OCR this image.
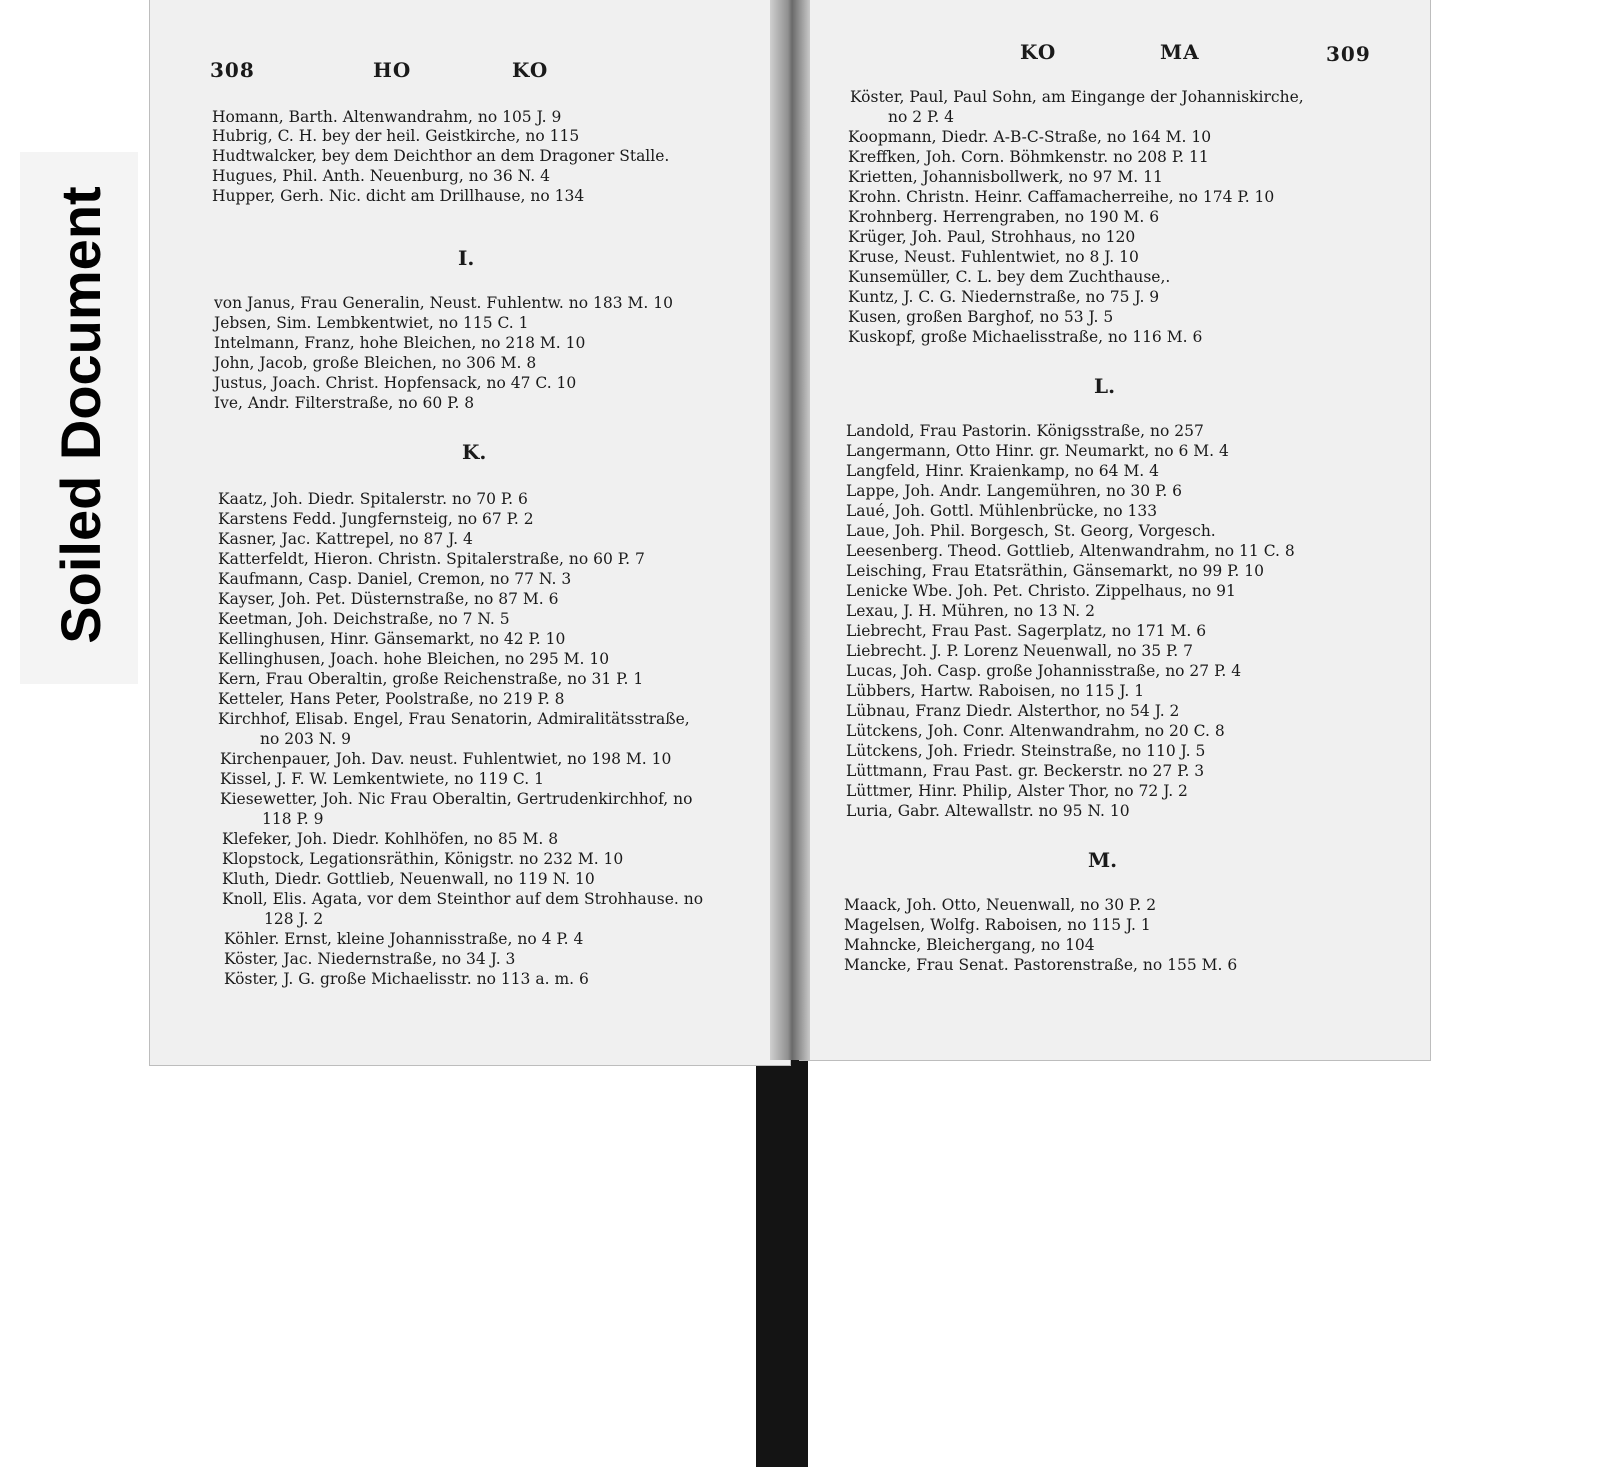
Soiled Document
308	HO	KO
KO	MA	309
Homann, Barth. Altenwandrahm, no 105 J. 9
Hubrig, C. H. bey der heil. Geistkirche, no 115
Hudtwalcker, bey dem Deichthor an dem Dragoner Stalle.
Hugues, Phil. Anth. Neuenburg, no 36 N. 4
Hupper, Gerh. Nic. dicht am Drillhause, no 134
I.
von Janus, Frau Generalin, Neust. Fuhlentw. no 183 M. 10
Jebsen, Sim. Lembkentwiet, no 115 C. 1
Intelmann, Franz, hohe Bleichen, no 218 M. 10
John, Jacob, große Bleichen, no 306 M. 8
Justus, Joach. Christ. Hopfensack, no 47 C. 10
Ive, Andr. Filterstraße, no 60 P. 8
K.
Kaatz, Joh. Diedr. Spitalerstr. no 70 P. 6
Karstens Fedd. Jungfernsteig, no 67 P. 2
Kasner, Jac. Kattrepel, no 87 J. 4
Katterfeldt, Hieron. Christn. Spitalerstraße, no 60 P. 7
Kaufmann, Casp. Daniel, Cremon, no 77 N. 3
Kayser, Joh. Pet. Düsternstraße, no 87 M. 6
Keetman, Joh. Deichstraße, no 7 N. 5
Kellinghusen, Hinr. Gänsemarkt, no 42 P. 10
Kellinghusen, Joach. hohe Bleichen, no 295 M. 10
Kern, Frau Oberaltin, große Reichenstraße, no 31 P. 1
Ketteler, Hans Peter, Poolstraße, no 219 P. 8
Kirchhof, Elisab. Engel, Frau Senatorin, Admiralitätsstraße,
no 203 N. 9
Kirchenpauer, Joh. Dav. neust. Fuhlentwiet, no 198 M. 10
Kissel, J. F. W. Lemkentwiete, no 119 C. 1
Kiesewetter, Joh. Nic Frau Oberaltin, Gertrudenkirchhof, no
118 P. 9
Klefeker, Joh. Diedr. Kohlhöfen, no 85 M. 8
Klopstock, Legationsräthin, Königstr. no 232 M. 10
Kluth, Diedr. Gottlieb, Neuenwall, no 119 N. 10
Knoll, Elis. Agata, vor dem Steinthor auf dem Strohhause. no
128 J. 2
Köhler. Ernst, kleine Johannisstraße, no 4 P. 4
Köster, Jac. Niedernstraße, no 34 J. 3
Köster, J. G. große Michaelisstr. no 113 a. m. 6
Köster, Paul, Paul Sohn, am Eingange der Johanniskirche,
no 2 P. 4
Koopmann, Diedr. A-B-C-Straße, no 164 M. 10
Kreffken, Joh. Corn. Böhmkenstr. no 208 P. 11
Krietten, Johannisbollwerk, no 97 M. 11
Krohn. Christn. Heinr. Caffamacherreihe, no 174 P. 10
Krohnberg. Herrengraben, no 190 M. 6
Krüger, Joh. Paul, Strohhaus, no 120
Kruse, Neust. Fuhlentwiet, no 8 J. 10
Kunsemüller, C. L. bey dem Zuchthause,.
Kuntz, J. C. G. Niedernstraße, no 75 J. 9
Kusen, großen Barghof, no 53 J. 5
Kuskopf, große Michaelisstraße, no 116 M. 6
L.
Landold, Frau Pastorin. Königsstraße, no 257
Langermann, Otto Hinr. gr. Neumarkt, no 6 M. 4
Langfeld, Hinr. Kraienkamp, no 64 M. 4
Lappe, Joh. Andr. Langemühren, no 30 P. 6
Laué, Joh. Gottl. Mühlenbrücke, no 133
Laue, Joh. Phil. Borgesch, St. Georg, Vorgesch.
Leesenberg. Theod. Gottlieb, Altenwandrahm, no 11 C. 8
Leisching, Frau Etatsräthin, Gänsemarkt, no 99 P. 10
Lenicke Wbe. Joh. Pet. Christo. Zippelhaus, no 91
Lexau, J. H. Mühren, no 13 N. 2
Liebrecht, Frau Past. Sagerplatz, no 171 M. 6
Liebrecht. J. P. Lorenz Neuenwall, no 35 P. 7
Lucas, Joh. Casp. große Johannisstraße, no 27 P. 4
Lübbers, Hartw. Raboisen, no 115 J. 1
Lübnau, Franz Diedr. Alsterthor, no 54 J. 2
Lütckens, Joh. Conr. Altenwandrahm, no 20 C. 8
Lütckens, Joh. Friedr. Steinstraße, no 110 J. 5
Lüttmann, Frau Past. gr. Beckerstr. no 27 P. 3
Lüttmer, Hinr. Philip, Alster Thor, no 72 J. 2
Luria, Gabr. Altewallstr. no 95 N. 10
M.
Maack, Joh. Otto, Neuenwall, no 30 P. 2
Magelsen, Wolfg. Raboisen, no 115 J. 1
Mahncke, Bleichergang, no 104
Mancke, Frau Senat. Pastorenstraße, no 155 M. 6
